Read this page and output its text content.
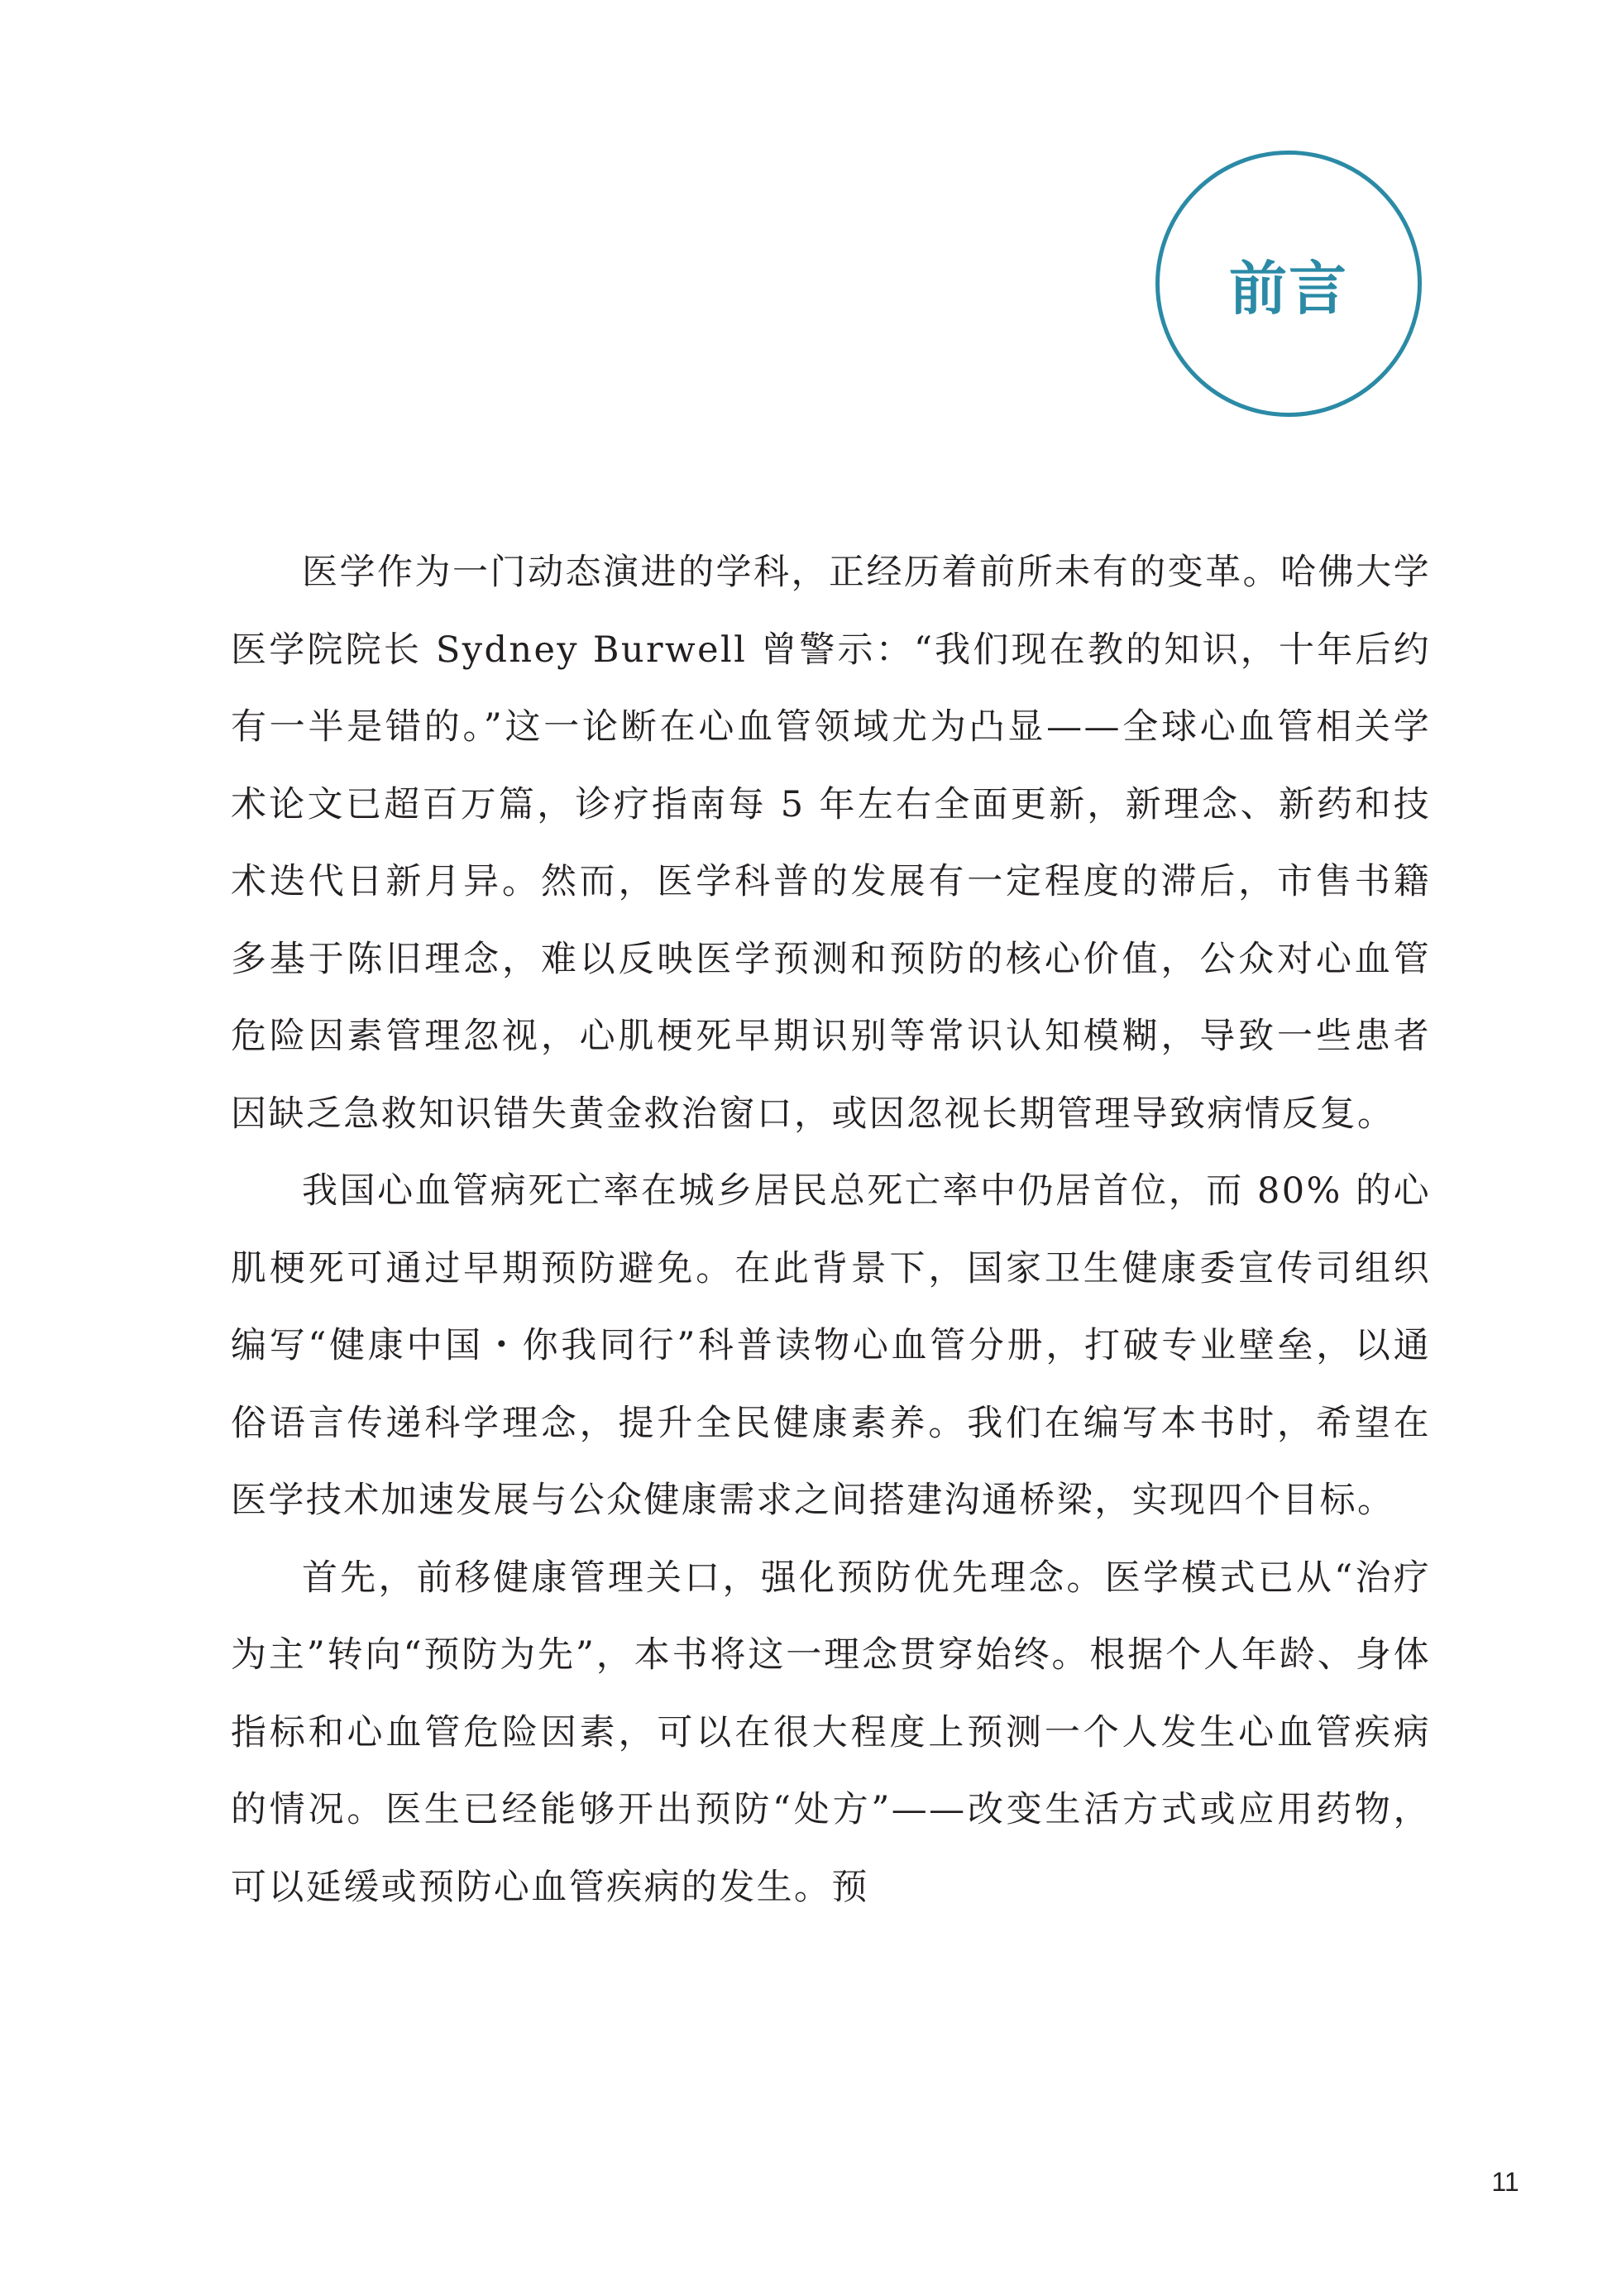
前言

医学作为一门动态演进的学科，正经历着前所未有的变革。哈佛大学医学院院长 Sydney Burwell 曾警示：“我们现在教的知识，十年后约有一半是错的。”这一论断在心血管领域尤为凸显——全球心血管相关学术论文已超百万篇，诊疗指南每 5 年左右全面更新，新理念、新药和技术迭代日新月异。然而，医学科普的发展有一定程度的滞后，市售书籍多基于陈旧理念，难以反映医学预测和预防的核心价值，公众对心血管危险因素管理忽视，心肌梗死早期识别等常识认知模糊，导致一些患者因缺乏急救知识错失黄金救治窗口，或因忽视长期管理导致病情反复。

我国心血管病死亡率在城乡居民总死亡率中仍居首位，而 80% 的心肌梗死可通过早期预防避免。在此背景下，国家卫生健康委宣传司组织编写“健康中国・你我同行”科普读物心血管分册，打破专业壁垒，以通俗语言传递科学理念，提升全民健康素养。我们在编写本书时，希望在医学技术加速发展与公众健康需求之间搭建沟通桥梁，实现四个目标。

首先，前移健康管理关口，强化预防优先理念。医学模式已从“治疗为主”转向“预防为先”，本书将这一理念贯穿始终。根据个人年龄、身体指标和心血管危险因素，可以在很大程度上预测一个人发生心血管疾病的情况。医生已经能够开出预防“处方”——改变生活方式或应用药物，可以延缓或预防心血管疾病的发生。预

11
